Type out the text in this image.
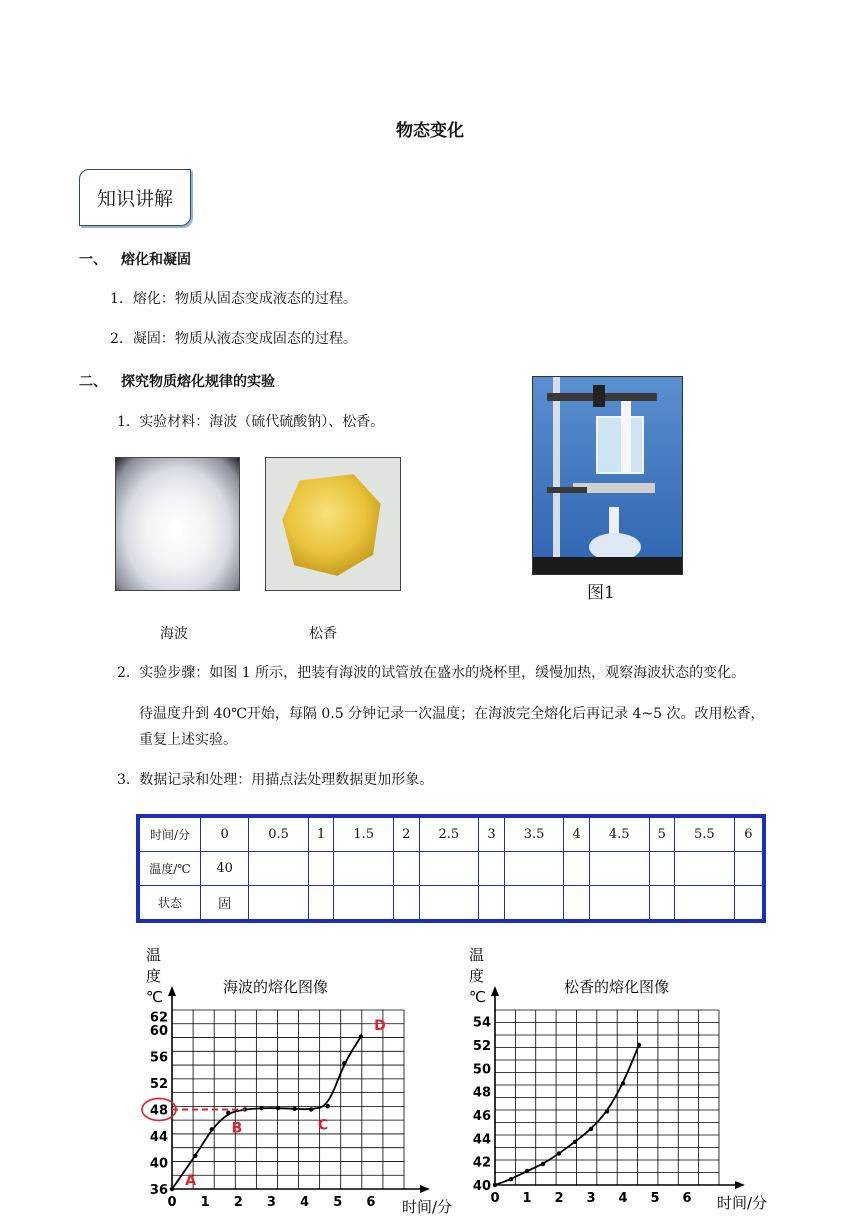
物态变化
知识讲解
一、 熔化和凝固
1．熔化：物质从固态变成液态的过程。
2．凝固：物质从液态变成固态的过程。
二、 探究物质熔化规律的实验
1. 实验材料：海波（硫代硫酸钠）、松香。
图1
海波	松香
2. 实验步骤：如图 1 所示，把装有海波的试管放在盛水的烧杯里，缓慢加热，观察海波状态的变化。
待温度升到 40℃开始，每隔 0.5 分钟记录一次温度；在海波完全熔化后再记录 4~5 次。改用松香，
重复上述实验。
3. 数据记录和处理：用描点法处理数据更加形象。
时间/分	0	0.5	1	1.5	2	2.5	3	3.5	4	4.5	5	5.5	6
温度/℃	40												
状态	固												
温
度
℃
海波的熔化图像
时间/分
0 1 2 3 4 5 6
36
40
44
48
52
56
60
62
A
B	C
D
温
度
℃
松香的熔化图像
时间/分
0 1 2 3 4 5 6
40
42
44
46
48
50
52
54
